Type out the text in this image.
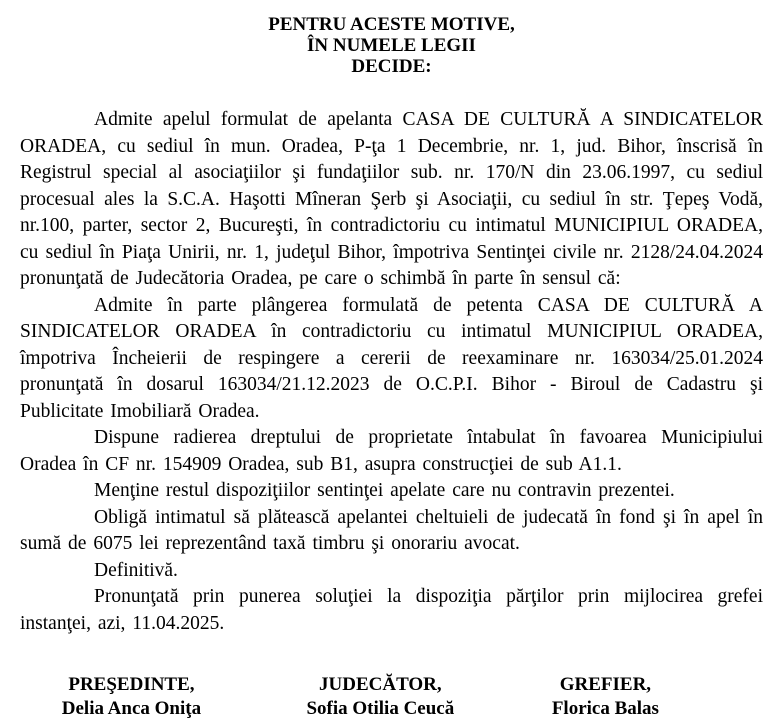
PENTRU ACESTE MOTIVE,
ÎN NUMELE LEGII
DECIDE:

Admite apelul formulat de apelanta CASA DE CULTURĂ A SINDICATELOR ORADEA, cu sediul în mun. Oradea, P-ţa 1 Decembrie, nr. 1, jud. Bihor, înscrisă în Registrul special al asociaţiilor şi fundaţiilor sub. nr. 170/N din 23.06.1997, cu sediul procesual ales la S.C.A. Haşotti Mîneran Şerb şi Asociaţii, cu sediul în str. Ţepeş Vodă, nr.100, parter, sector 2, Bucureşti, în contradictoriu cu intimatul MUNICIPIUL ORADEA, cu sediul în Piaţa Unirii, nr. 1, judeţul Bihor, împotriva Sentinţei civile nr. 2128/24.04.2024 pronunţată de Judecătoria Oradea, pe care o schimbă în parte în sensul că:

Admite în parte plângerea formulată de petenta CASA DE CULTURĂ A SINDICATELOR ORADEA în contradictoriu cu intimatul MUNICIPIUL ORADEA, împotriva Încheierii de respingere a cererii de reexaminare nr. 163034/25.01.2024 pronunţată în dosarul 163034/21.12.2023 de O.C.P.I. Bihor - Biroul de Cadastru şi Publicitate Imobiliară Oradea.

Dispune radierea dreptului de proprietate întabulat în favoarea Municipiului Oradea în CF nr. 154909 Oradea, sub B1, asupra construcţiei de sub A1.1.

Menţine restul dispoziţiilor sentinţei apelate care nu contravin prezentei.

Obligă intimatul să plătească apelantei cheltuieli de judecată în fond şi în apel în sumă de 6075 lei reprezentând taxă timbru şi onorariu avocat.

Definitivă.

Pronunţată prin punerea soluţiei la dispoziţia părţilor prin mijlocirea grefei instanţei, azi, 11.04.2025.

PREŞEDINTE,
Delia Anca Oniţa
JUDECĂTOR,
Sofia Otilia Ceucă
GREFIER,
Florica Balas
